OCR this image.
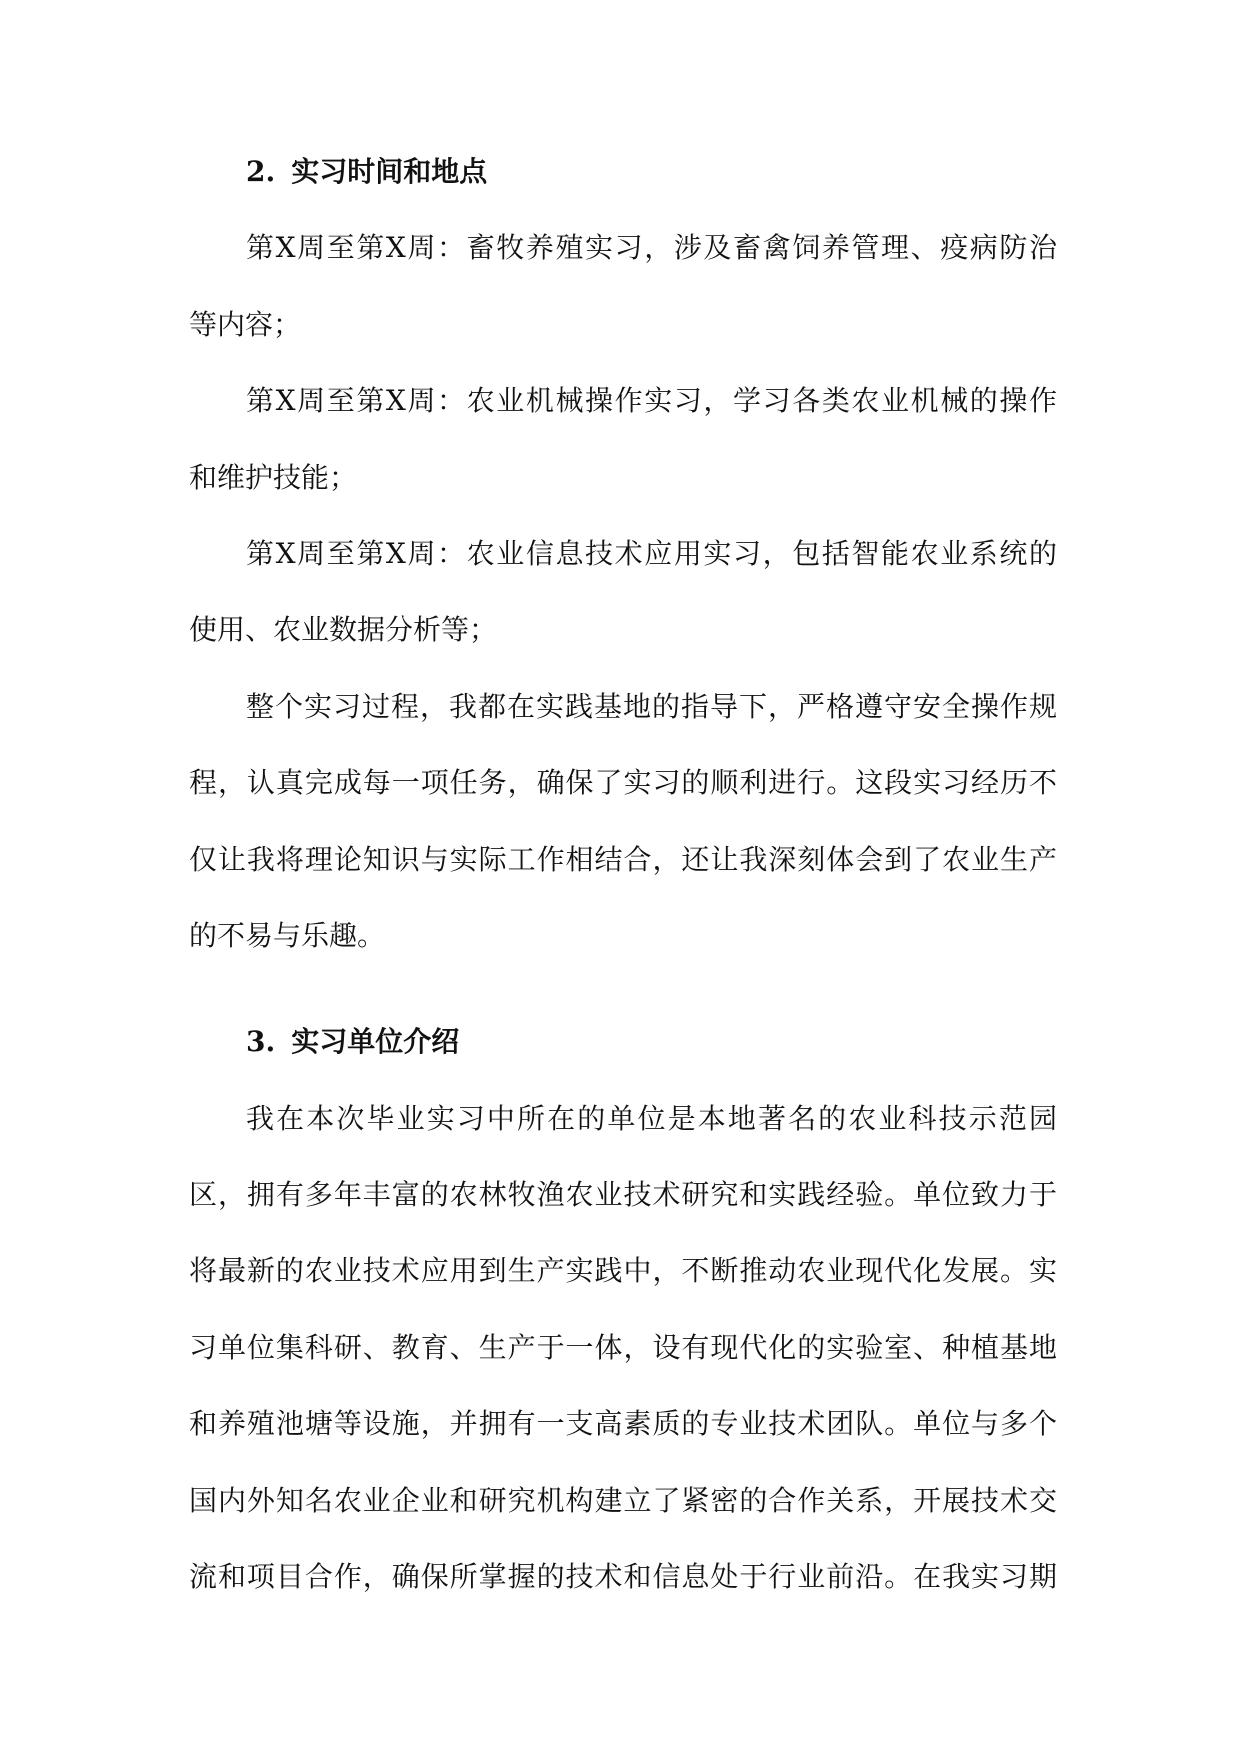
2. 实习时间和地点
第X周至第X周：畜牧养殖实习，涉及畜禽饲养管理、疫病防治
等内容；
第X周至第X周：农业机械操作实习，学习各类农业机械的操作
和维护技能；
第X周至第X周：农业信息技术应用实习，包括智能农业系统的
使用、农业数据分析等；
整个实习过程，我都在实践基地的指导下，严格遵守安全操作规
程，认真完成每一项任务，确保了实习的顺利进行。这段实习经历不
仅让我将理论知识与实际工作相结合，还让我深刻体会到了农业生产
的不易与乐趣。
3. 实习单位介绍
我在本次毕业实习中所在的单位是本地著名的农业科技示范园
区，拥有多年丰富的农林牧渔农业技术研究和实践经验。单位致力于
将最新的农业技术应用到生产实践中，不断推动农业现代化发展。实
习单位集科研、教育、生产于一体，设有现代化的实验室、种植基地
和养殖池塘等设施，并拥有一支高素质的专业技术团队。单位与多个
国内外知名农业企业和研究机构建立了紧密的合作关系，开展技术交
流和项目合作，确保所掌握的技术和信息处于行业前沿。在我实习期
